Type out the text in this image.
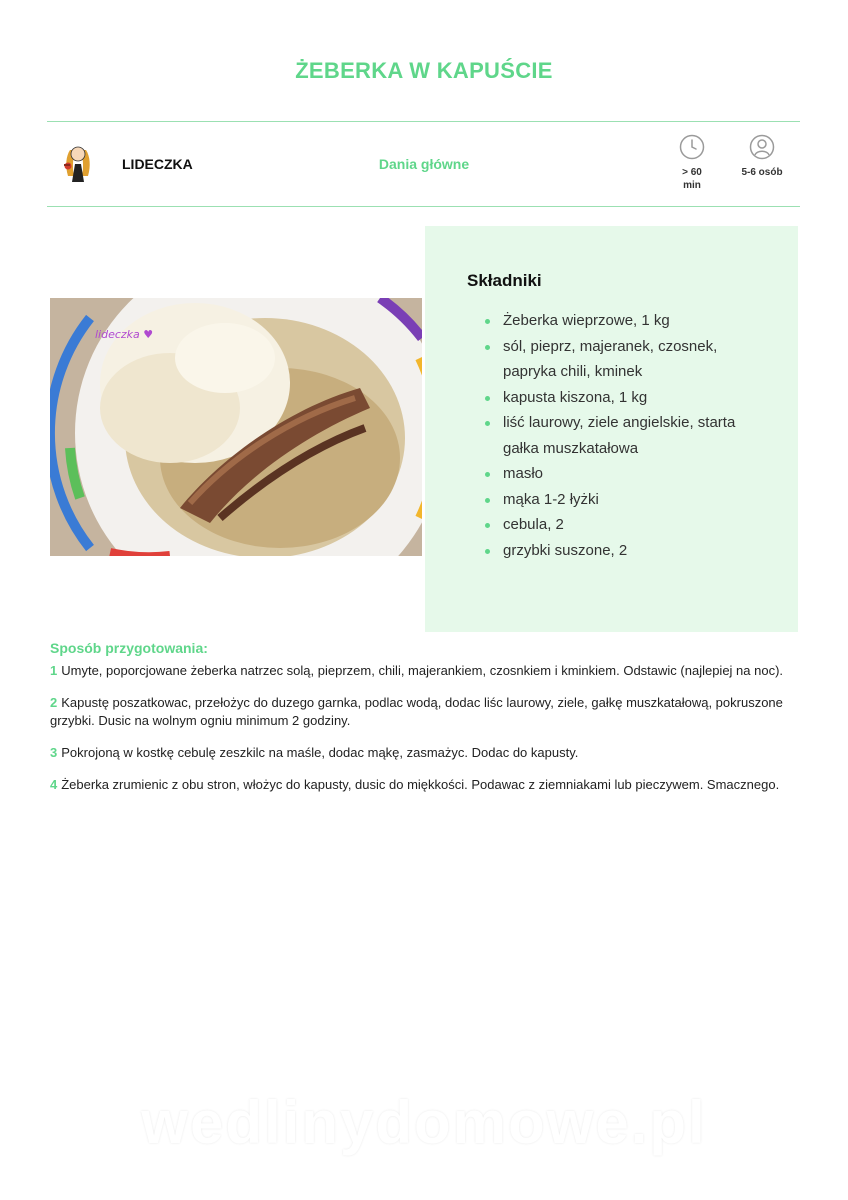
ŻEBERKA W KAPUŚCIE
LIDECZKA	Dania główne
> 60
min
5-6 osób
lideczka ♥
Składniki
Żeberka wieprzowe, 1 kg
sól, pieprz, majeranek, czosnek, papryka chili, kminek
kapusta kiszona, 1 kg
liść laurowy, ziele angielskie, starta gałka muszkatałowa
masło
mąka 1-2 łyżki
cebula, 2
grzybki suszone, 2
Sposób przygotowania:

1 Umyte, poporcjowane żeberka natrzec solą, pieprzem, chili, majerankiem, czosnkiem i kminkiem. Odstawic (najlepiej na noc).

2 Kapustę poszatkowac, przełożyc do duzego garnka, podlac wodą, dodac liśc laurowy, ziele, gałkę muszkatałową, pokruszone grzybki. Dusic na wolnym ogniu minimum 2 godziny.

3 Pokrojoną w kostkę cebulę zeszkilc na maśle, dodac mąkę, zasmażyc. Dodac do kapusty.

4 Żeberka zrumienic z obu stron, włożyc do kapusty, dusic do miękkości. Podawac z ziemniakami lub pieczywem. Smacznego.

wedlinydomowe.pl
